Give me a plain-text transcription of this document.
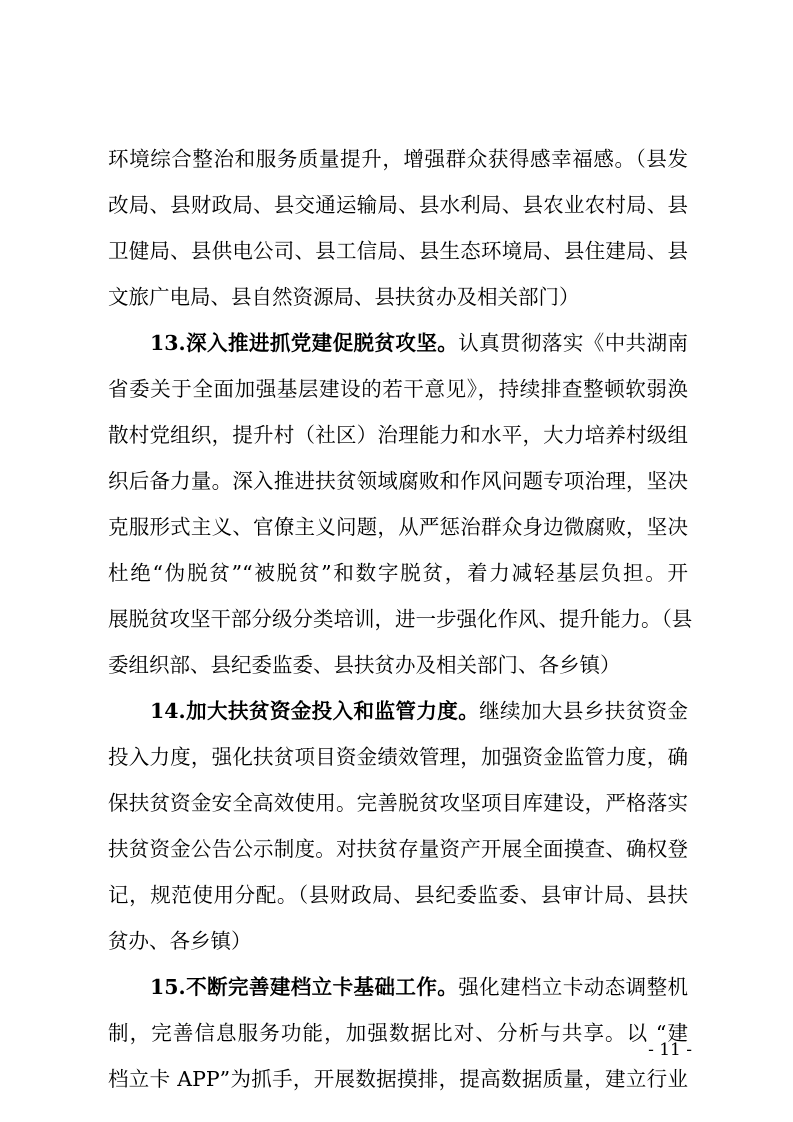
环境综合整治和服务质量提升，增强群众获得感幸福感。（县发
改局、县财政局、县交通运输局、县水利局、县农业农村局、县
卫健局、县供电公司、县工信局、县生态环境局、县住建局、县
文旅广电局、县自然资源局、县扶贫办及相关部门）
13.深入推进抓党建促脱贫攻坚。认真贯彻落实《中共湖南
省委关于全面加强基层建设的若干意见》，持续排查整顿软弱涣
散村党组织，提升村（社区）治理能力和水平，大力培养村级组
织后备力量。深入推进扶贫领域腐败和作风问题专项治理，坚决
克服形式主义、官僚主义问题，从严惩治群众身边微腐败，坚决
杜绝“伪脱贫”“被脱贫”和数字脱贫，着力减轻基层负担。开
展脱贫攻坚干部分级分类培训，进一步强化作风、提升能力。（县
委组织部、县纪委监委、县扶贫办及相关部门、各乡镇）
14.加大扶贫资金投入和监管力度。继续加大县乡扶贫资金
投入力度，强化扶贫项目资金绩效管理，加强资金监管力度，确
保扶贫资金安全高效使用。完善脱贫攻坚项目库建设，严格落实
扶贫资金公告公示制度。对扶贫存量资产开展全面摸查、确权登
记，规范使用分配。（县财政局、县纪委监委、县审计局、县扶
贫办、各乡镇）
15.不断完善建档立卡基础工作。强化建档立卡动态调整机
- 11 -
制，完善信息服务功能，加强数据比对、分析与共享。以 “建
档立卡 APP”为抓手，开展数据摸排，提高数据质量，建立行业
